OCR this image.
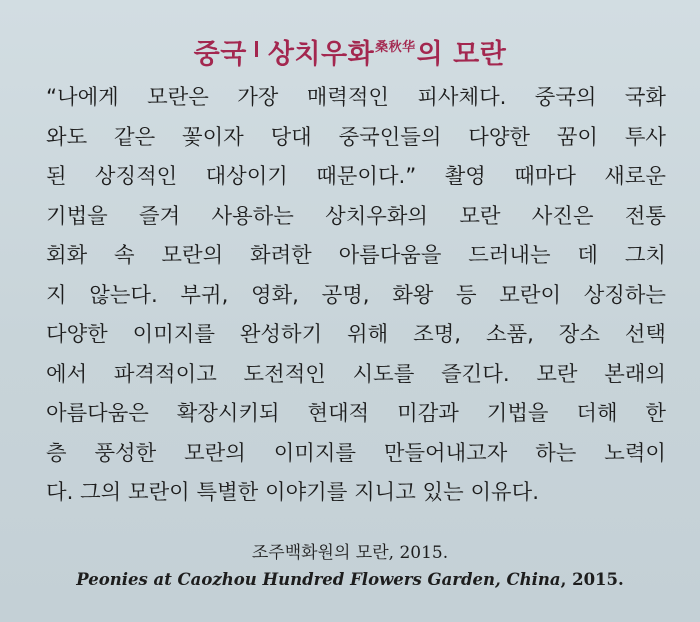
중국 상치우화$^{桑秋华}$의 모란
“나에게 모란은 가장 매력적인 피사체다. 중국의 국화
와도 같은 꽃이자 당대 중국인들의 다양한 꿈이 투사
된 상징적인 대상이기 때문이다.” 촬영 때마다 새로운
기법을 즐겨 사용하는 상치우화의 모란 사진은 전통
회화 속 모란의 화려한 아름다움을 드러내는 데 그치
지 않는다. 부귀, 영화, 공명, 화왕 등 모란이 상징하는
다양한 이미지를 완성하기 위해 조명, 소품, 장소 선택
에서 파격적이고 도전적인 시도를 즐긴다. 모란 본래의
아름다움은 확장시키되 현대적 미감과 기법을 더해 한
층 풍성한 모란의 이미지를 만들어내고자 하는 노력이
다. 그의 모란이 특별한 이야기를 지니고 있는 이유다.
조주백화원의 모란, 2015.
Peonies at Caozhou Hundred Flowers Garden, China, 2015.
